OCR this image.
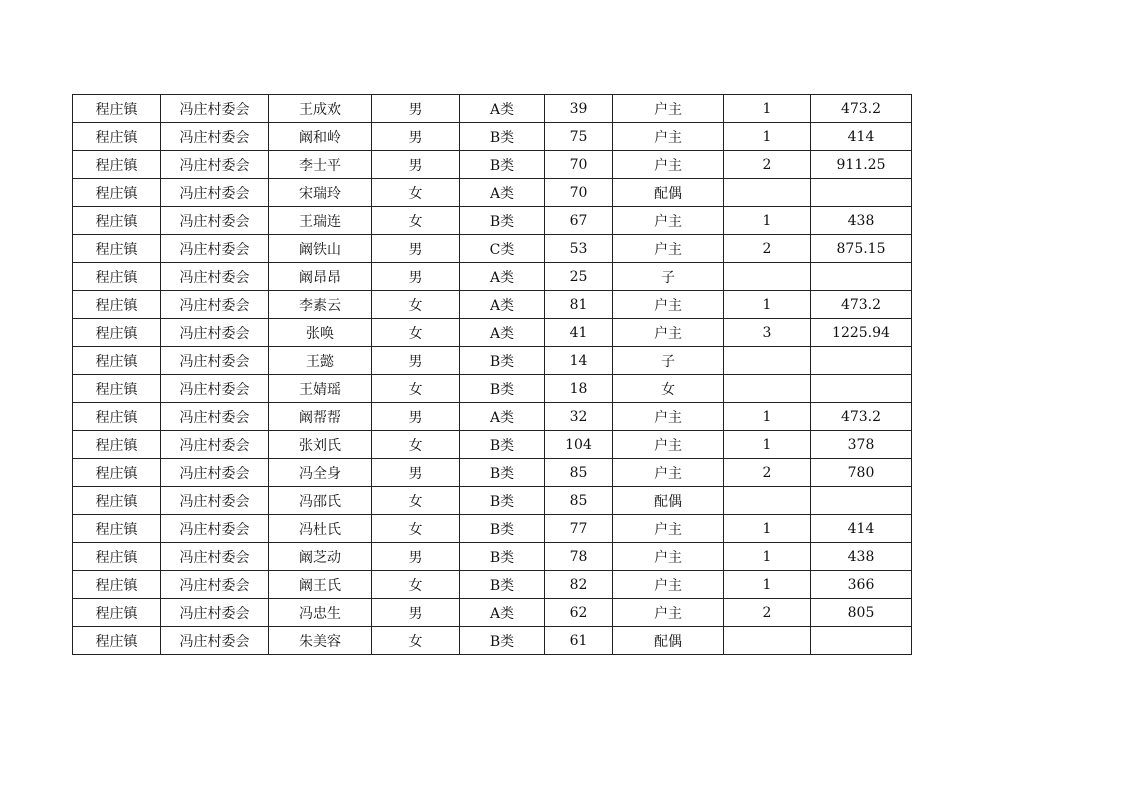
程庄镇	冯庄村委会	王成欢	男	A类	39	户主	1	473.2
程庄镇	冯庄村委会	阚和岭	男	B类	75	户主	1	414
程庄镇	冯庄村委会	李士平	男	B类	70	户主	2	911.25
程庄镇	冯庄村委会	宋瑞玲	女	A类	70	配偶		
程庄镇	冯庄村委会	王瑞连	女	B类	67	户主	1	438
程庄镇	冯庄村委会	阚铁山	男	C类	53	户主	2	875.15
程庄镇	冯庄村委会	阚昂昂	男	A类	25	子		
程庄镇	冯庄村委会	李素云	女	A类	81	户主	1	473.2
程庄镇	冯庄村委会	张唤	女	A类	41	户主	3	1225.94
程庄镇	冯庄村委会	王懿	男	B类	14	子		
程庄镇	冯庄村委会	王婧瑶	女	B类	18	女		
程庄镇	冯庄村委会	阚帮帮	男	A类	32	户主	1	473.2
程庄镇	冯庄村委会	张刘氏	女	B类	104	户主	1	378
程庄镇	冯庄村委会	冯全身	男	B类	85	户主	2	780
程庄镇	冯庄村委会	冯邵氏	女	B类	85	配偶		
程庄镇	冯庄村委会	冯杜氏	女	B类	77	户主	1	414
程庄镇	冯庄村委会	阚芝动	男	B类	78	户主	1	438
程庄镇	冯庄村委会	阚王氏	女	B类	82	户主	1	366
程庄镇	冯庄村委会	冯忠生	男	A类	62	户主	2	805
程庄镇	冯庄村委会	朱美容	女	B类	61	配偶		
